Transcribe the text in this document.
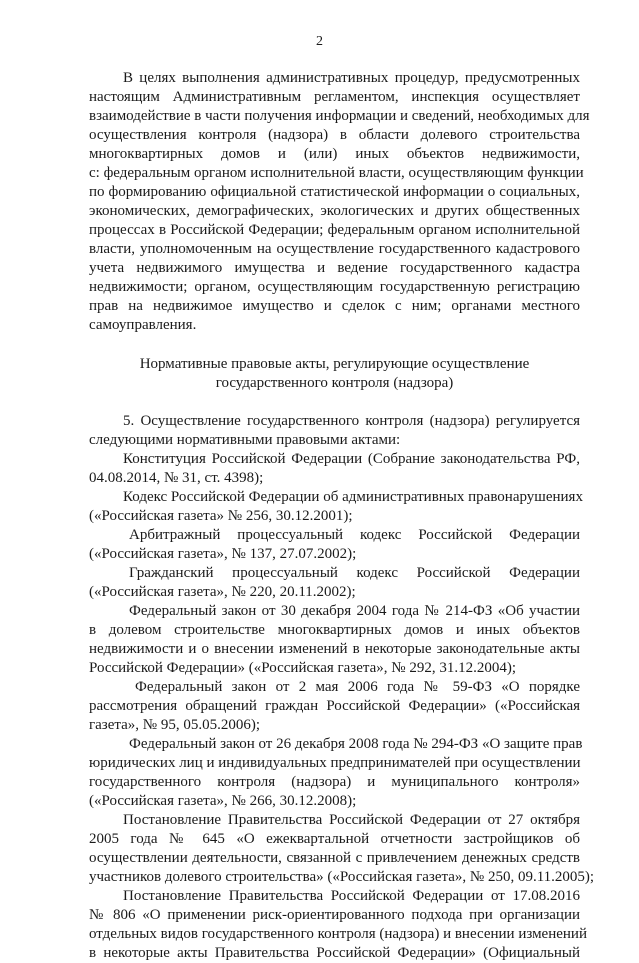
2
В целях выполнения административных процедур, предусмотренных
настоящим Административным регламентом, инспекция осуществляет
взаимодействие в части получения информации и сведений, необходимых для
осуществления контроля (надзора) в области долевого строительства
многоквартирных домов и (или) иных объектов недвижимости,
с: федеральным органом исполнительной власти, осуществляющим функции
по формированию официальной статистической информации о социальных,
экономических, демографических, экологических и других общественных
процессах в Российской Федерации; федеральным органом исполнительной
власти, уполномоченным на осуществление государственного кадастрового
учета недвижимого имущества и ведение государственного кадастра
недвижимости; органом, осуществляющим государственную регистрацию
прав на недвижимое имущество и сделок с ним; органами местного
самоуправления.
Нормативные правовые акты, регулирующие осуществление
государственного контроля (надзора)
5. Осуществление государственного контроля (надзора) регулируется
следующими нормативными правовыми актами:
Конституция Российской Федерации (Собрание законодательства РФ,
04.08.2014, № 31, ст. 4398);
Кодекс Российской Федерации об административных правонарушениях
(«Российская газета» № 256, 30.12.2001);
Арбитражный процессуальный кодекс Российской Федерации
(«Российская газета», № 137, 27.07.2002);
Гражданский процессуальный кодекс Российской Федерации
(«Российская газета», № 220, 20.11.2002);
Федеральный закон от 30 декабря 2004 года № 214-ФЗ «Об участии
в долевом строительстве многоквартирных домов и иных объектов
недвижимости и о внесении изменений в некоторые законодательные акты
Российской Федерации» («Российская газета», № 292, 31.12.2004);
Федеральный закон от 2 мая 2006 года № 59-ФЗ «О порядке
рассмотрения обращений граждан Российской Федерации» («Российская
газета», № 95, 05.05.2006);
Федеральный закон от 26 декабря 2008 года № 294-ФЗ «О защите прав
юридических лиц и индивидуальных предпринимателей при осуществлении
государственного контроля (надзора) и муниципального контроля»
(«Российская газета», № 266, 30.12.2008);
Постановление Правительства Российской Федерации от 27 октября
2005 года № 645 «О ежеквартальной отчетности застройщиков об
осуществлении деятельности, связанной с привлечением денежных средств
участников долевого строительства» («Российская газета», № 250, 09.11.2005);
Постановление Правительства Российской Федерации от 17.08.2016
№ 806 «О применении риск-ориентированного подхода при организации
отдельных видов государственного контроля (надзора) и внесении изменений
в некоторые акты Правительства Российской Федерации» (Официальный
